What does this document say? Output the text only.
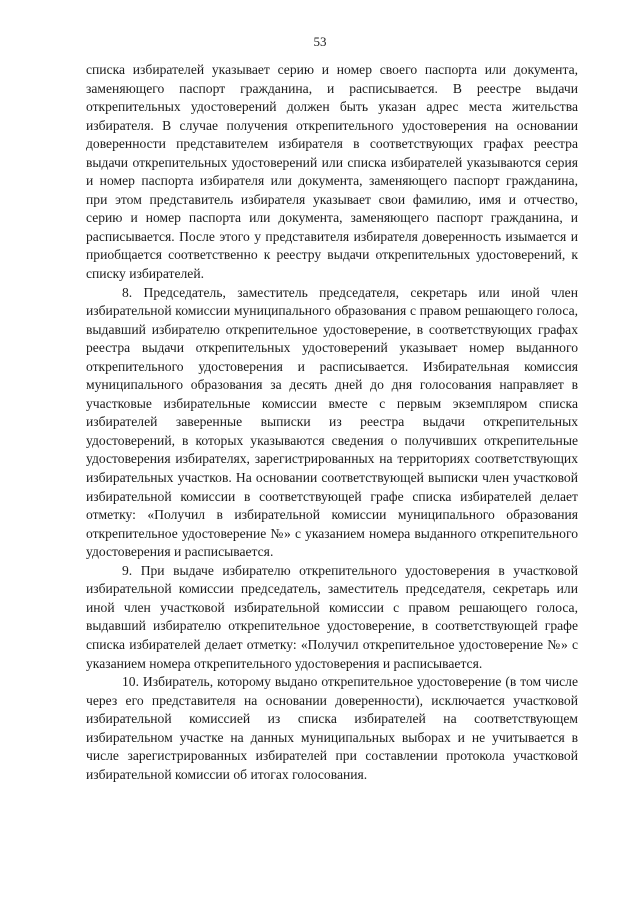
53

списка избирателей указывает серию и номер своего паспорта или документа, заменяющего паспорт гражданина, и расписывается. В реестре выдачи открепительных удостоверений должен быть указан адрес места жительства избирателя. В случае получения открепительного удостоверения на основании доверенности представителем избирателя в соответствующих графах реестра выдачи открепительных удостоверений или списка избирателей указываются серия и номер паспорта избирателя или документа, заменяющего паспорт гражданина, при этом представитель избирателя указывает свои фамилию, имя и отчество, серию и номер паспорта или документа, заменяющего паспорт гражданина, и расписывается. После этого у представителя избирателя доверенность изымается и приобщается соответственно к реестру выдачи открепительных удостоверений, к списку избирателей.

8. Председатель, заместитель председателя, секретарь или иной член избирательной комиссии муниципального образования с правом решающего голоса, выдавший избирателю открепительное удостоверение, в соответствующих графах реестра выдачи открепительных удостоверений указывает номер выданного открепительного удостоверения и расписывается. Избирательная комиссия муниципального образования за десять дней до дня голосования направляет в участковые избирательные комиссии вместе с первым экземпляром списка избирателей заверенные выписки из реестра выдачи открепительных удостоверений, в которых указываются сведения о получивших открепительные удостоверения избирателях, зарегистрированных на территориях соответствующих избирательных участков. На основании соответствующей выписки член участковой избирательной комиссии в соответствующей графе списка избирателей делает отметку: «Получил в избирательной комиссии муниципального образования открепительное удостоверение №» с указанием номера выданного открепительного удостоверения и расписывается.

9. При выдаче избирателю открепительного удостоверения в участковой избирательной комиссии председатель, заместитель председателя, секретарь или иной член участковой избирательной комиссии с правом решающего голоса, выдавший избирателю открепительное удостоверение, в соответствующей графе списка избирателей делает отметку: «Получил открепительное удостоверение №» с указанием номера открепительного удостоверения и расписывается.

10. Избиратель, которому выдано открепительное удостоверение (в том числе через его представителя на основании доверенности), исключается участковой избирательной комиссией из списка избирателей на соответствующем избирательном участке на данных муниципальных выборах и не учитывается в числе зарегистрированных избирателей при составлении протокола участковой избирательной комиссии об итогах голосования.
